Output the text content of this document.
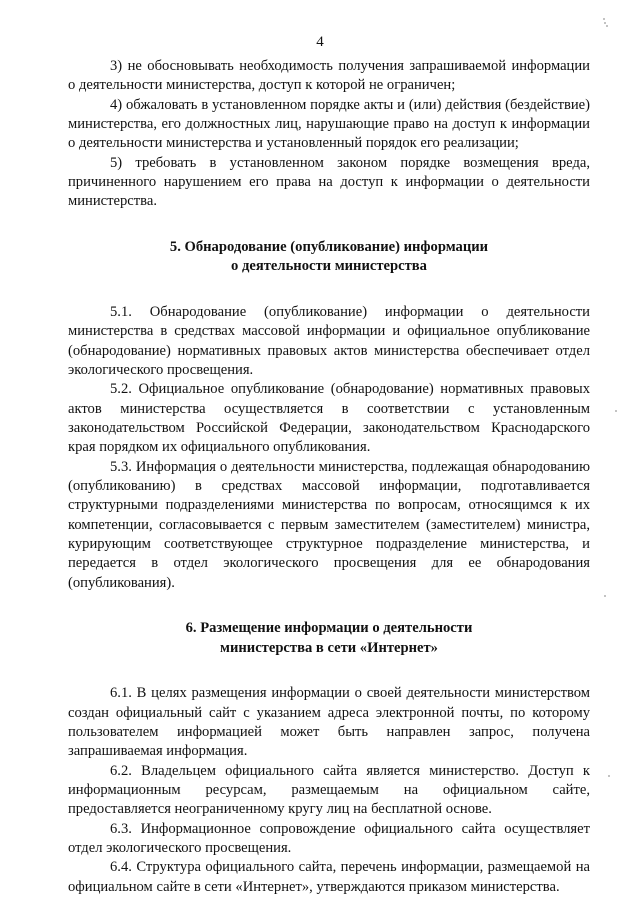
4

3) не обосновывать необходимость получения запрашиваемой информации о деятельности министерства, доступ к которой не ограничен;

4) обжаловать в установленном порядке акты и (или) действия (бездействие) министерства, его должностных лиц, нарушающие право на доступ к информации о деятельности министерства и установленный порядок его реализации;

5) требовать в установленном законом порядке возмещения вреда, причиненного нарушением его права на доступ к информации о деятельности министерства.

5. Обнародование (опубликование) информации
о деятельности министерства

5.1. Обнародование (опубликование) информации о деятельности министерства в средствах массовой информации и официальное опубликование (обнародование) нормативных правовых актов министерства обеспечивает отдел экологического просвещения.

5.2. Официальное опубликование (обнародование) нормативных правовых актов министерства осуществляется в соответствии с установленным законодательством Российской Федерации, законодательством Краснодарского края порядком их официального опубликования.

5.3. Информация о деятельности министерства, подлежащая обнародованию (опубликованию) в средствах массовой информации, подготавливается структурными подразделениями министерства по вопросам, относящимся к их компетенции, согласовывается с первым заместителем (заместителем) министра, курирующим соответствующее структурное подразделение министерства, и передается в отдел экологического просвещения для ее обнародования (опубликования).

6. Размещение информации о деятельности
министерства в сети «Интернет»

6.1. В целях размещения информации о своей деятельности министерством создан официальный сайт с указанием адреса электронной почты, по которому пользователем информацией может быть направлен запрос, получена запрашиваемая информация.

6.2. Владельцем официального сайта является министерство. Доступ к информационным ресурсам, размещаемым на официальном сайте, предоставляется неограниченному кругу лиц на бесплатной основе.

6.3. Информационное сопровождение официального сайта осуществляет отдел экологического просвещения.

6.4. Структура официального сайта, перечень информации, размещаемой на официальном сайте в сети «Интернет», утверждаются приказом министерства.
